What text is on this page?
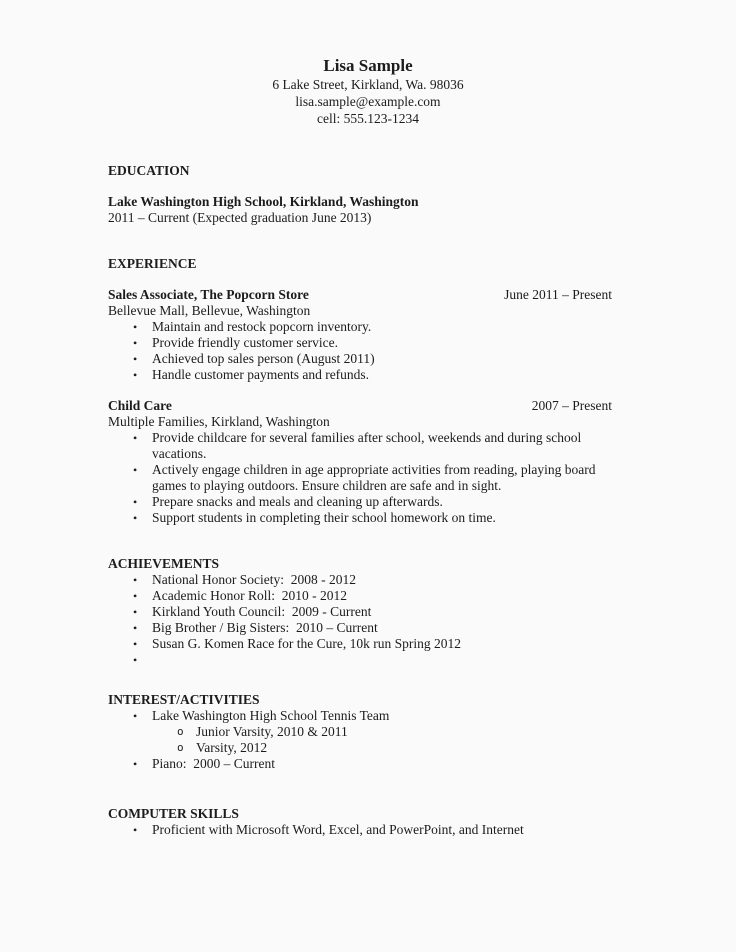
Lisa Sample
6 Lake Street, Kirkland, Wa. 98036
lisa.sample@example.com
cell: 555.123-1234
EDUCATION
Lake Washington High School, Kirkland, Washington
2011 – Current (Expected graduation June 2013)
EXPERIENCE
Sales Associate, The Popcorn Store	June 2011 – Present
Bellevue Mall, Bellevue, Washington
•	Maintain and restock popcorn inventory.
•	Provide friendly customer service.
•	Achieved top sales person (August 2011)
•	Handle customer payments and refunds.
Child Care	2007 – Present
Multiple Families, Kirkland, Washington
•	Provide childcare for several families after school, weekends and during school vacations.
•	Actively engage children in age appropriate activities from reading, playing board games to playing outdoors. Ensure children are safe and in sight.
•	Prepare snacks and meals and cleaning up afterwards.
•	Support students in completing their school homework on time.
ACHIEVEMENTS
•	National Honor Society:  2008 - 2012
•	Academic Honor Roll:  2010 - 2012
•	Kirkland Youth Council:  2009 - Current
•	Big Brother / Big Sisters:  2010 – Current
•	Susan G. Komen Race for the Cure, 10k run Spring 2012
•
INTEREST/ACTIVITIES
•	Lake Washington High School Tennis Team
o Junior Varsity, 2010 & 2011
o Varsity, 2012
•	Piano:  2000 – Current
COMPUTER SKILLS
•	Proficient with Microsoft Word, Excel, and PowerPoint, and Internet
